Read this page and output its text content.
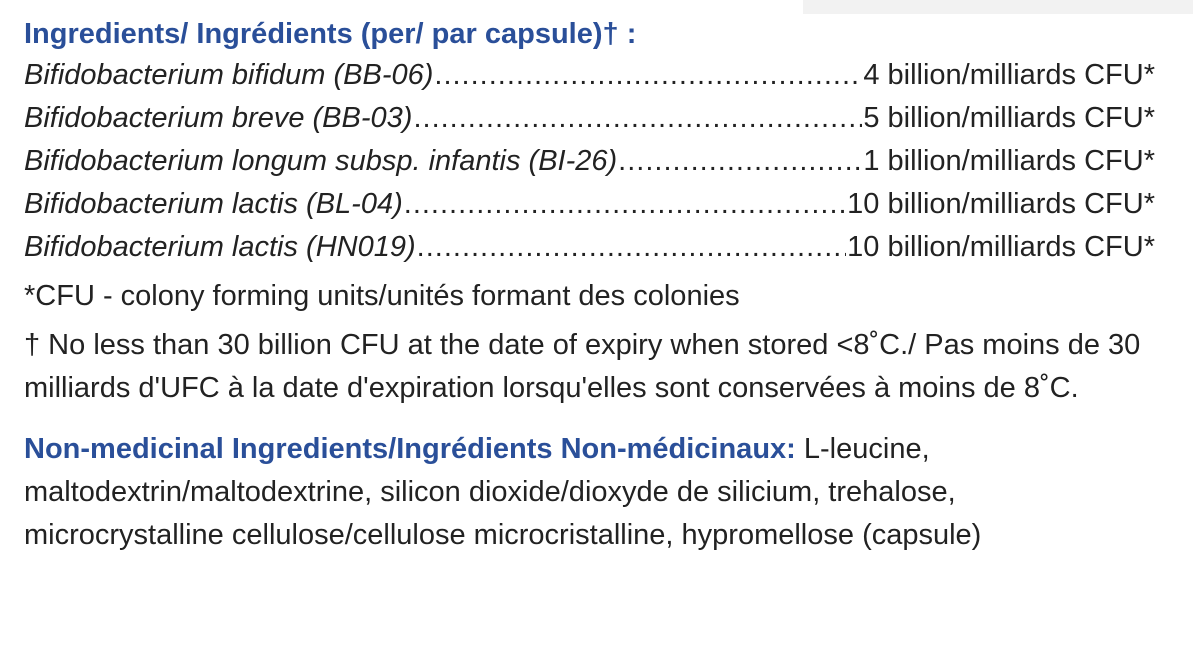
Ingredients/ Ingrédients (per/ par capsule)† :
Bifidobacterium bifidum (BB-06) .....	4 billion/milliards CFU*
Bifidobacterium breve (BB-03) .....	5 billion/milliards CFU*
Bifidobacterium longum subsp. infantis (BI-26) .....	1 billion/milliards CFU*
Bifidobacterium lactis (BL-04) .....	10 billion/milliards CFU*
Bifidobacterium lactis (HN019) .....	10 billion/milliards CFU*
*CFU - colony forming units/unités formant des colonies
† No less than 30 billion CFU at the date of expiry when stored <8˚C./ Pas moins de 30 milliards d'UFC à la date d'expiration lorsqu'elles sont conservées à moins de 8˚C.
Non-medicinal Ingredients/Ingrédients Non-médicinaux: L-leucine, maltodextrin/maltodextrine, silicon dioxide/dioxyde de silicium, trehalose, microcrystalline cellulose/cellulose microcristalline, hypromellose (capsule)
